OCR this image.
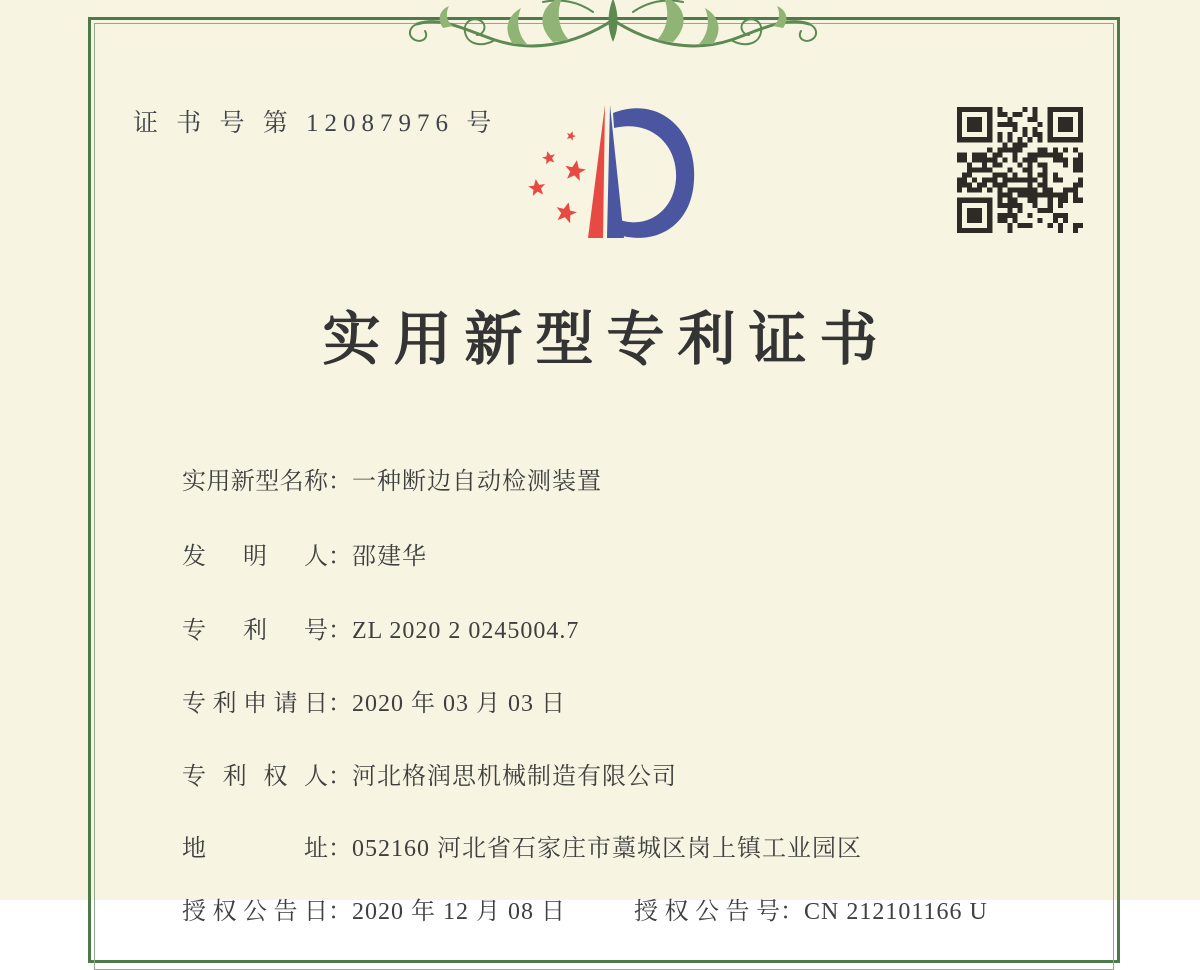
证 书 号 第 12087976 号
实用新型专利证书

实用新型名称：一种断边自动检测装置

发明人：邵建华

专利号：ZL 2020 2 0245004.7

专利申请日：2020 年 03 月 03 日

专利权人：河北格润思机械制造有限公司

地址：052160 河北省石家庄市藁城区岗上镇工业园区

授权公告日：2020 年 12 月 08 日
	授权公告号：CN 212101166 U
